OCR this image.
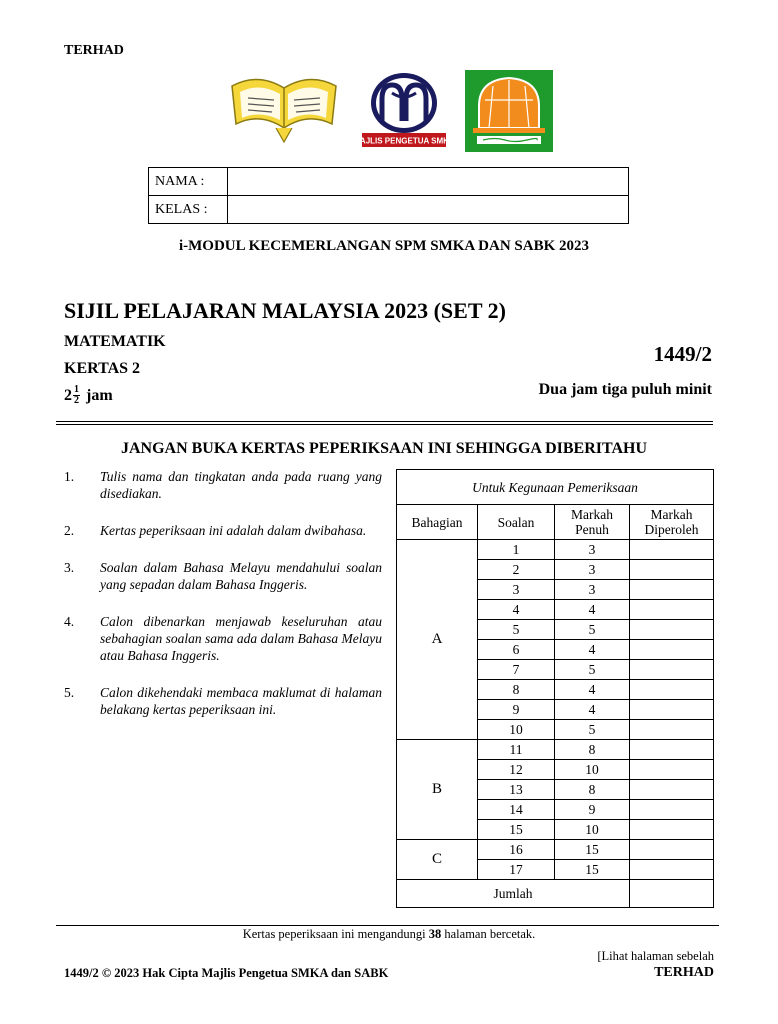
TERHAD
MAJLIS PENGETUA SMKA
NAMA :	
KELAS :	
i-MODUL KECEMERLANGAN SPM SMKA DAN SABK 2023
SIJIL PELAJARAN MALAYSIA 2023 (SET 2)
MATEMATIK
KERTAS 2
1449/2
$2 \frac{1}{2}$ jam	Dua jam tiga puluh minit
JANGAN BUKA KERTAS PEPERIKSAAN INI SEHINGGA DIBERITAHU
1.	Tulis nama dan tingkatan anda pada ruang yang disediakan.
2.	Kertas peperiksaan ini adalah dalam dwibahasa.
3.	Soalan dalam Bahasa Melayu mendahului soalan yang sepadan dalam Bahasa Inggeris.
4.	Calon dibenarkan menjawab keseluruhan atau sebahagian soalan sama ada dalam Bahasa Melayu atau Bahasa Inggeris.
5.	Calon dikehendaki membaca maklumat di halaman belakang kertas peperiksaan ini.
Untuk Kegunaan Pemeriksaan			
Bahagian	Soalan	Markah Penuh	Markah Diperoleh
A	1	3	
	2	3	
	3	3	
	4	4	
	5	5	
	6	4	
	7	5	
	8	4	
	9	4	
	10	5	
B	11	8	
	12	10	
	13	8	
	14	9	
	15	10	
C	16	15	
	17	15	
Jumlah			
Kertas peperiksaan ini mengandungi 38 halaman bercetak.
[Lihat halaman sebelah
1449/2 © 2023 Hak Cipta Majlis Pengetua SMKA dan SABK	TERHAD
